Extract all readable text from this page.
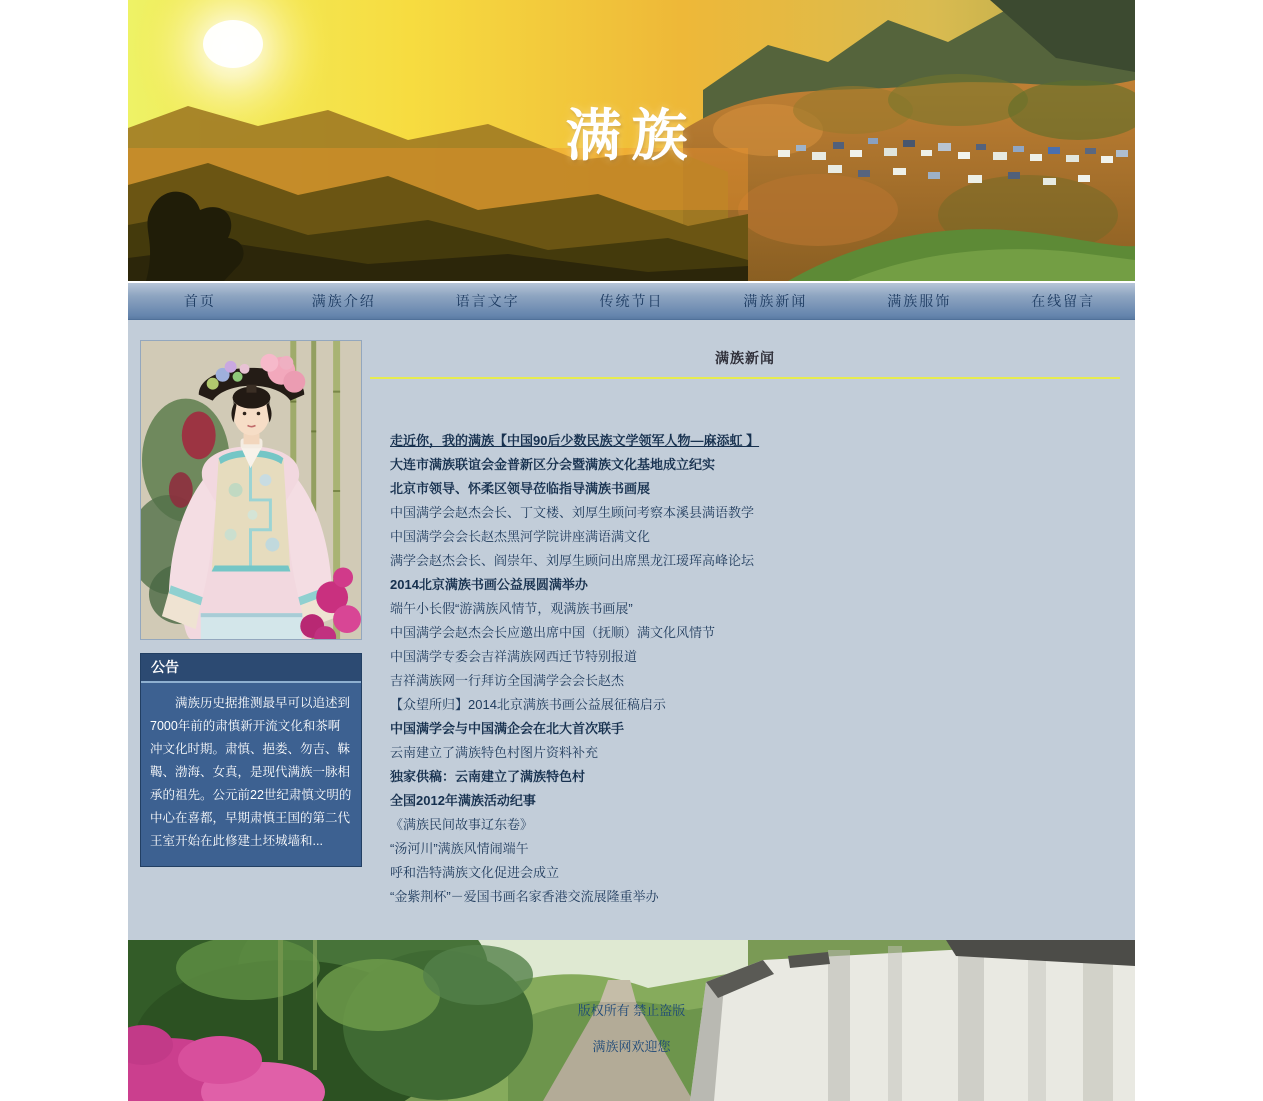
满族
首页	满族介绍	语言文字	传统节日	满族新闻	满族服饰	在线留言
公告
满族历史据推测最早可以追述到7000年前的肃慎新开流文化和茶啊冲文化时期。肃慎、挹娄、勿吉、靺鞨、渤海、女真，是现代满族一脉相承的祖先。公元前22世纪肃慎文明的中心在喜都，早期肃慎王国的第二代王室开始在此修建土坯城墙和...
满族新闻
走近你，我的满族【中国90后少数民族文学领军人物—麻添虹 】
大连市满族联谊会金普新区分会暨满族文化基地成立纪实
北京市领导、怀柔区领导莅临指导满族书画展
中国满学会赵杰会长、丁文楼、刘厚生顾问考察本溪县满语教学
中国满学会会长赵杰黑河学院讲座满语满文化
满学会赵杰会长、阎崇年、刘厚生顾问出席黑龙江瑷珲高峰论坛
2014北京满族书画公益展圆满举办
端午小长假“游满族风情节，观满族书画展”
中国满学会赵杰会长应邀出席中国（抚顺）满文化风情节
中国满学专委会吉祥满族网西迁节特别报道
吉祥满族网一行拜访全国满学会会长赵杰
【众望所归】2014北京满族书画公益展征稿启示
中国满学会与中国满企会在北大首次联手
云南建立了满族特色村图片资料补充
独家供稿：云南建立了满族特色村
全国2012年满族活动纪事
《满族民间故事辽东卷》
“汤河川”满族风情闹端午
呼和浩特满族文化促进会成立
“金紫荆杯”－爱国书画名家香港交流展隆重举办
版权所有 禁止盗版
满族网欢迎您
